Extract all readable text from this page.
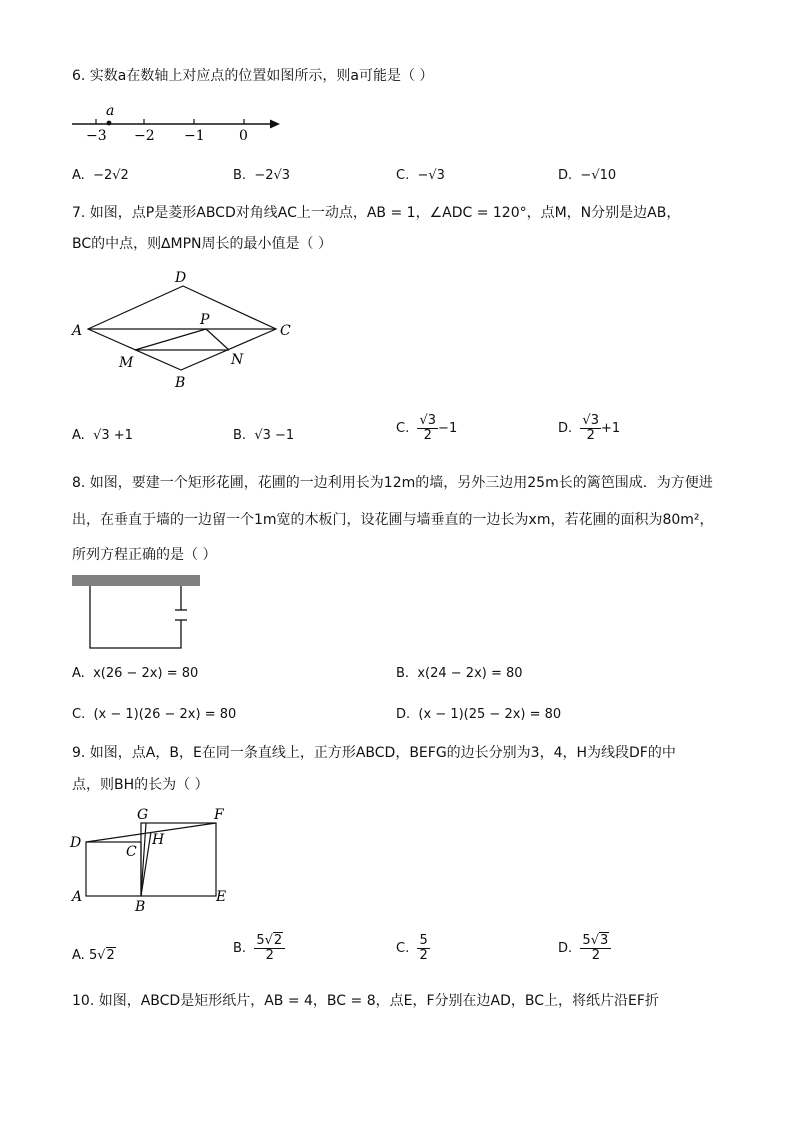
6. 实数a在数轴上对应点的位置如图所示，则a可能是（ ）
a
−3 −2 −1 0
A. −2√2	B. −2√3	C. −√3	D. −√10
7. 如图，点P是菱形ABCD对角线AC上一动点，AB = 1，∠ADC = 120°，点M，N分别是边AB，
BC的中点，则∆MPN周长的最小值是（ ）
D
A
P
C
M	N
B
A. √3 +1	B. √3 −1	C. $\frac{√3}{2} -1$	D. $\frac{√3}{2} +1$
8. 如图，要建一个矩形花圃，花圃的一边利用长为12m的墙，另外三边用25m长的篱笆围成．为方便进
出，在垂直于墙的一边留一个1m宽的木板门，设花圃与墙垂直的一边长为xm，若花圃的面积为80m²，
所列方程正确的是（ ）
A. x(26 − 2x) = 80	B. x(24 − 2x) = 80
C. (x − 1)(26 − 2x) = 80	D. (x − 1)(25 − 2x) = 80
9. 如图，点A，B，E在同一条直线上，正方形ABCD，BEFG的边长分别为3，4，H为线段DF的中
点，则BH的长为（ ）
G	F
D	H
C
A
B
E
A. 5√2	B. $\frac{5√2}{2}$	C. $\frac{5}{2}$	D. $\frac{5√3}{2}$
10. 如图，ABCD是矩形纸片，AB = 4，BC = 8，点E，F分别在边AD，BC上，将纸片沿EF折
